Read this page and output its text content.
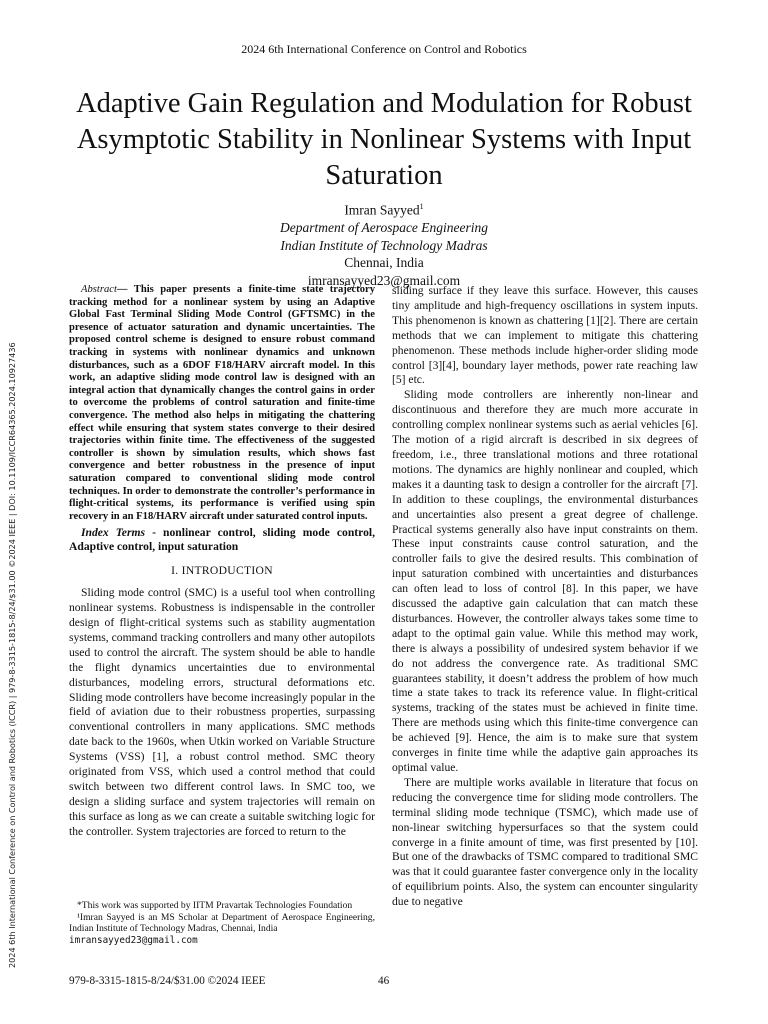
2024 6th International Conference on Control and Robotics
Adaptive Gain Regulation and Modulation for Robust Asymptotic Stability in Nonlinear Systems with Input Saturation
Imran Sayyed$^1$
Department of Aerospace Engineering
Indian Institute of Technology Madras
Chennai, India
imransayyed23@gmail.com
2024 6th International Conference on Control and Robotics (ICCR) | 979-8-3315-1815-8/24/$31.00 ©2024 IEEE | DOI: 10.1109/ICCR64365.2024.10927436

Abstract— This paper presents a finite-time state trajectory tracking method for a nonlinear system by using an Adaptive Global Fast Terminal Sliding Mode Control (GFTSMC) in the presence of actuator saturation and dynamic uncertainties. The proposed control scheme is designed to ensure robust command tracking in systems with nonlinear dynamics and unknown disturbances, such as a 6DOF F18/HARV aircraft model. In this work, an adaptive sliding mode control law is designed with an integral action that dynamically changes the control gains in order to overcome the problems of control saturation and finite-time convergence. The method also helps in mitigating the chattering effect while ensuring that system states converge to their desired trajectories within finite time. The effectiveness of the suggested controller is shown by simulation results, which shows fast convergence and better robustness in the presence of input saturation compared to conventional sliding mode control techniques. In order to demonstrate the controller’s performance in flight-critical systems, its performance is verified using spin recovery in an F18/HARV aircraft under saturated control inputs.

Index Terms - nonlinear control, sliding mode control, Adaptive control, input saturation

I. INTRODUCTION

Sliding mode control (SMC) is a useful tool when controlling nonlinear systems. Robustness is indispensable in the controller design of flight-critical systems such as stability augmentation systems, command tracking controllers and many other autopilots used to control the aircraft. The system should be able to handle the flight dynamics uncertainties due to environmental disturbances, modeling errors, structural deformations etc. Sliding mode controllers have become increasingly popular in the field of aviation due to their robustness properties, surpassing conventional controllers in many applications. SMC methods date back to the 1960s, when Utkin worked on Variable Structure Systems (VSS) [1], a robust control method. SMC theory originated from VSS, which used a control method that could switch between two different control laws. In SMC too, we design a sliding surface and system trajectories will remain on this surface as long as we can create a suitable switching logic for the controller. System trajectories are forced to return to the

*This work was supported by IITM Pravartak Technologies Foundation
¹Imran Sayyed is an MS Scholar at Department of Aerospace Engineering, Indian Institute of Technology Madras, Chennai, India
imransayyed23@gmail.com

sliding surface if they leave this surface. However, this causes tiny amplitude and high-frequency oscillations in system inputs. This phenomenon is known as chattering [1][2]. There are certain methods that we can implement to mitigate this chattering phenomenon. These methods include higher-order sliding mode control [3][4], boundary layer methods, power rate reaching law [5] etc.

Sliding mode controllers are inherently non-linear and discontinuous and therefore they are much more accurate in controlling complex nonlinear systems such as aerial vehicles [6]. The motion of a rigid aircraft is described in six degrees of freedom, i.e., three translational motions and three rotational motions. The dynamics are highly nonlinear and coupled, which makes it a daunting task to design a controller for the aircraft [7]. In addition to these couplings, the environmental disturbances and uncertainties also present a great degree of challenge. Practical systems generally also have input constraints on them. These input constraints cause control saturation, and the controller fails to give the desired results. This combination of input saturation combined with uncertainties and disturbances can often lead to loss of control [8]. In this paper, we have discussed the adaptive gain calculation that can match these disturbances. However, the controller always takes some time to adapt to the optimal gain value. While this method may work, there is always a possibility of undesired system behavior if we do not address the convergence rate. As traditional SMC guarantees stability, it doesn’t address the problem of how much time a state takes to track its reference value. In flight-critical systems, tracking of the states must be achieved in finite time. There are methods using which this finite-time convergence can be achieved [9]. Hence, the aim is to make sure that system converges in finite time while the adaptive gain approaches its optimal value.

There are multiple works available in literature that focus on reducing the convergence time for sliding mode controllers. The terminal sliding mode technique (TSMC), which made use of non-linear switching hypersurfaces so that the system could converge in a finite amount of time, was first presented by [10]. But one of the drawbacks of TSMC compared to traditional SMC was that it could guarantee faster convergence only in the locality of equilibrium points. Also, the system can encounter singularity due to negative

979-8-3315-1815-8/24/$31.00 ©2024 IEEE	46
